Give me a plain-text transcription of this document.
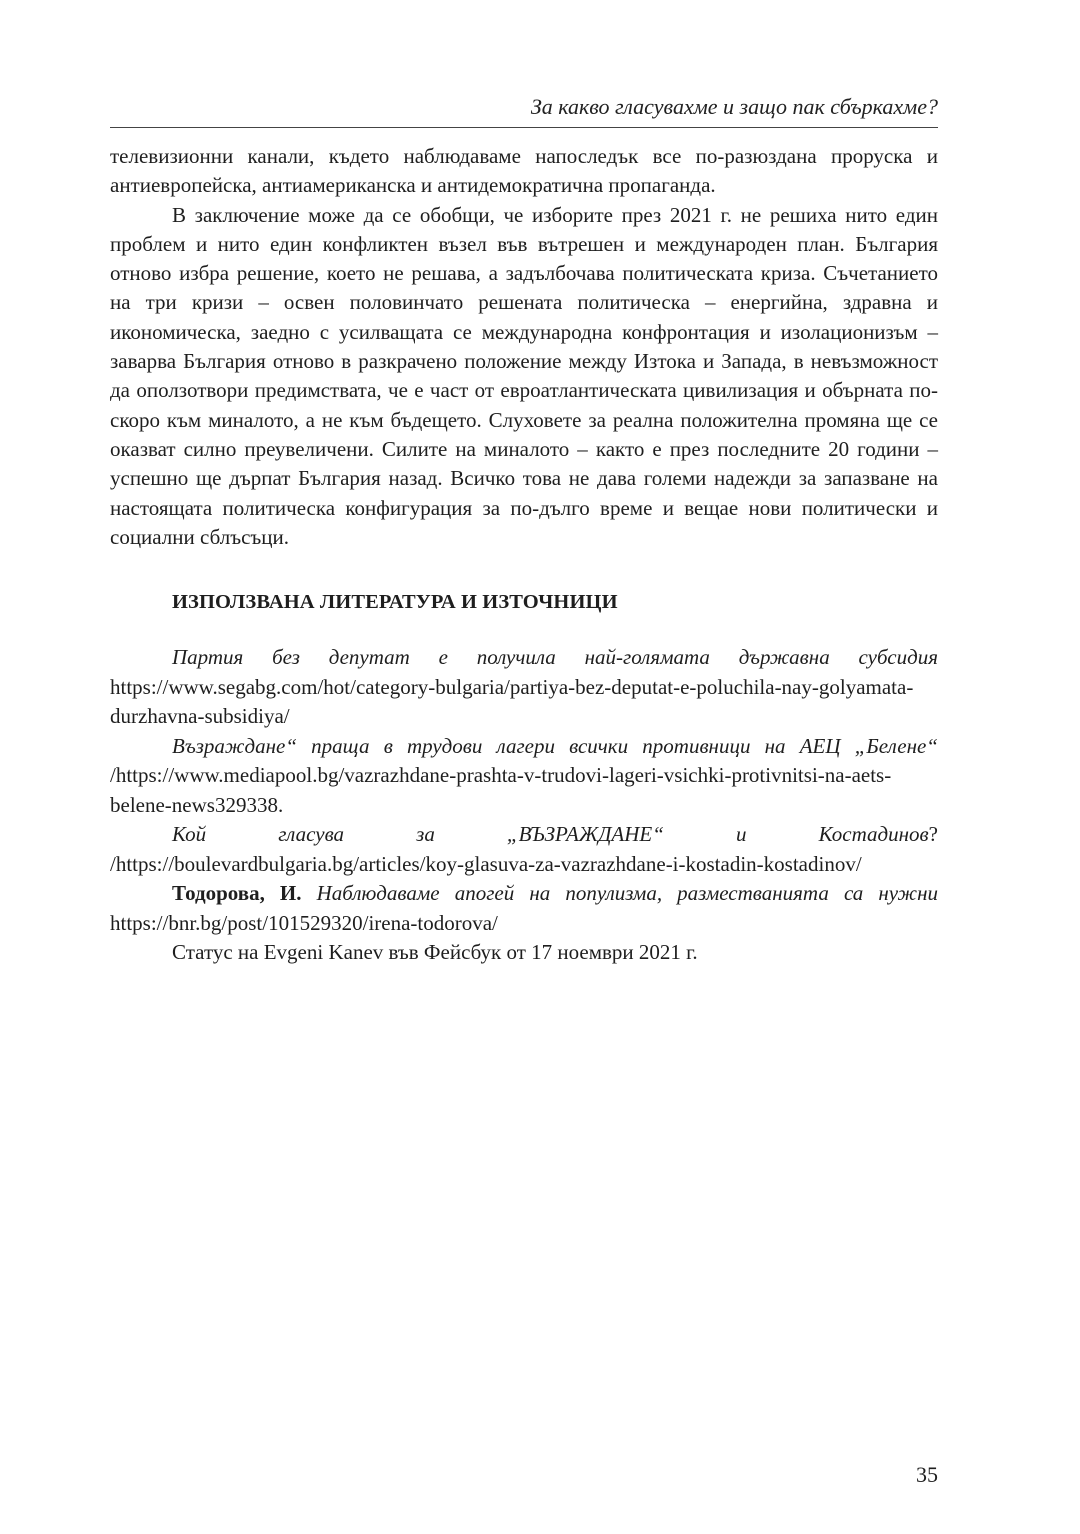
За какво гласувахме и защо пак сбъркахме?

телевизионни канали, където наблюдаваме напоследък все по-разюздана проруска и антиевропейска, антиамериканска и антидемократична пропаганда.

В заключение може да се обобщи, че изборите през 2021 г. не решиха нито един проблем и нито един конфликтен възел във вътрешен и международен план. България отново избра решение, което не решава, а задълбочава политическата криза. Съчетанието на три кризи – освен половинчато решената политическа – енергийна, здравна и икономическа, заедно с усилващата се международна конфронтация и изолационизъм – заварва България отново в разкрачено положение между Изтока и Запада, в невъзможност да оползотвори предимствата, че е част от евроатлантическата цивилизация и обърната по-скоро към миналото, а не към бъдещето. Слуховете за реална положителна промяна ще се оказват силно преувеличени. Силите на миналото – както е през последните 20 години – успешно ще дърпат България назад. Всичко това не дава големи надежди за запазване на настоящата политическа конфигурация за по-дълго време и вещае нови политически и социални сблъсъци.

ИЗПОЛЗВАНА ЛИТЕРАТУРА И ИЗТОЧНИЦИ

Партия без депутат е получила най-голямата държавна субсидия https://www.segabg.com/hot/category-bulgaria/partiya-bez-deputat-e-poluchila-nay-golyamata-durzhavna-subsidiya/

Възраждане“ праща в трудови лагери всички противници на АЕЦ „Белене“ /https://www.mediapool.bg/vazrazhdane-prashta-v-trudovi-lageri-vsichki-protivnitsi-na-aets-belene-news329338.

Кой гласува за „ВЪЗРАЖДАНЕ“ и Костадинов? /https://boulevardbulgaria.bg/articles/koy-glasuva-za-vazrazhdane-i-kostadin-kostadinov/

Тодорова, И. Наблюдаваме апогей на популизма, разместванията са нужни https://bnr.bg/post/101529320/irena-todorova/

Статус на Evgeni Kanev във Фейсбук от 17 ноември 2021 г.

35
